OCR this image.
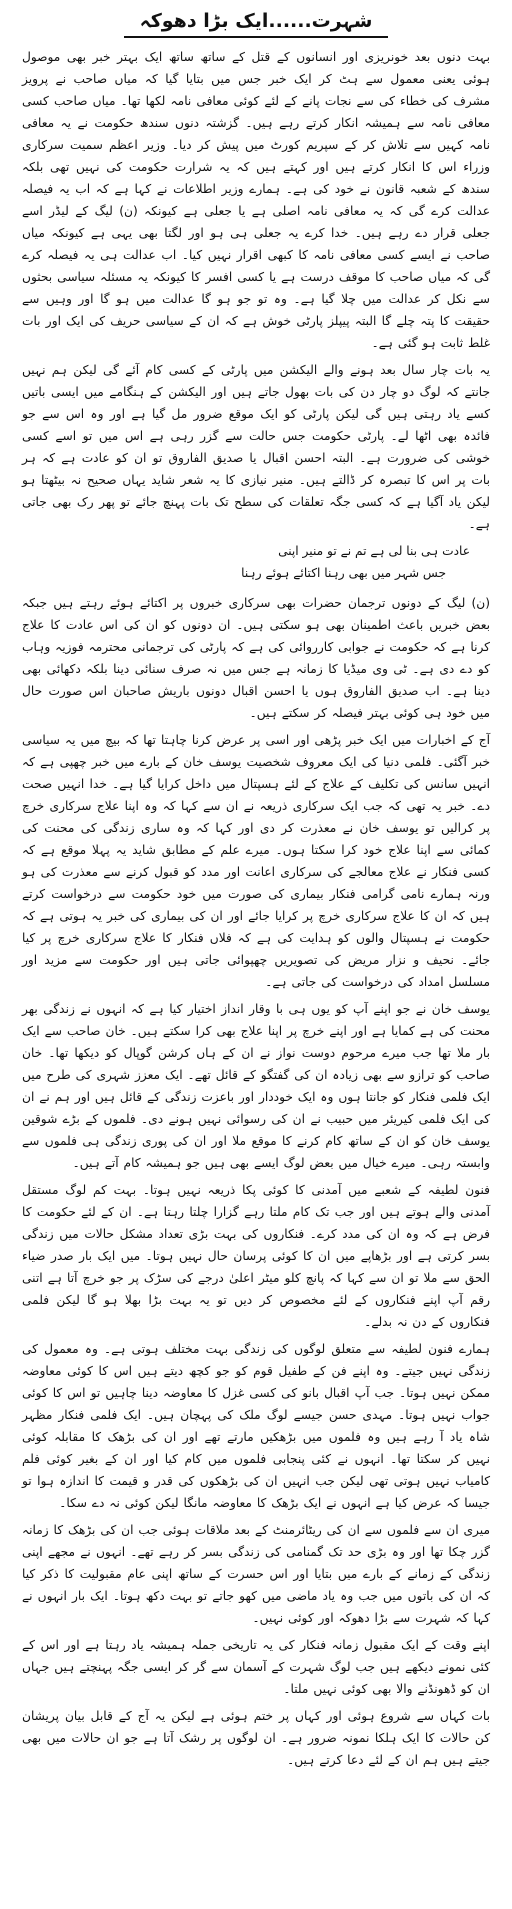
شہرت......ایک بڑا دھوکہ

بہت دنوں بعد خونریزی اور انسانوں کے قتل کے ساتھ ساتھ ایک بہتر خبر بھی موصول ہوئی یعنی معمول سے ہٹ کر ایک خبر جس میں بتایا گیا کہ میاں صاحب نے پرویز مشرف کی خطاء کی سے نجات پانے کے لئے کوئی معافی نامہ لکھا تھا۔ میاں صاحب کسی معافی نامہ سے ہمیشہ انکار کرتے رہے ہیں۔ گزشتہ دنوں سندھ حکومت نے یہ معافی نامہ کہیں سے تلاش کر کے سپریم کورٹ میں پیش کر دیا۔ وزیر اعظم سمیت سرکاری وزراء اس کا انکار کرتے ہیں اور کہتے ہیں کہ یہ شرارت حکومت کی نہیں تھی بلکہ سندھ کے شعبہ قانون نے خود کی ہے۔ ہمارے وزیر اطلاعات نے کہا ہے کہ اب یہ فیصلہ عدالت کرے گی کہ یہ معافی نامہ اصلی ہے یا جعلی ہے کیونکہ (ن) لیگ کے لیڈر اسے جعلی قرار دے رہے ہیں۔ خدا کرے یہ جعلی ہی ہو اور لگتا بھی یہی ہے کیونکہ میاں صاحب نے ایسے کسی معافی نامہ کا کبھی اقرار نہیں کیا۔ اب عدالت ہی یہ فیصلہ کرے گی کہ میاں صاحب کا موقف درست ہے یا کسی افسر کا کیونکہ یہ مسئلہ سیاسی بحثوں سے نکل کر عدالت میں چلا گیا ہے۔ وہ تو جو ہو گا عدالت میں ہو گا اور وہیں سے حقیقت کا پتہ چلے گا البتہ پیپلز پارٹی خوش ہے کہ ان کے سیاسی حریف کی ایک اور بات غلط ثابت ہو گئی ہے۔

یہ بات چار سال بعد ہونے والے الیکشن میں پارٹی کے کسی کام آئے گی لیکن ہم نہیں جانتے کہ لوگ دو چار دن کی بات بھول جاتے ہیں اور الیکشن کے ہنگامے میں ایسی باتیں کسے یاد رہتی ہیں گی لیکن پارٹی کو ایک موقع ضرور مل گیا ہے اور وہ اس سے جو فائدہ بھی اٹھا لے۔ پارٹی حکومت جس حالت سے گزر رہی ہے اس میں تو اسے کسی خوشی کی ضرورت ہے۔ البتہ احسن اقبال یا صدیق الفاروق تو ان کو عادت ہے کہ ہر بات پر اس کا تبصرہ کر ڈالتے ہیں۔ منیر نیازی کا یہ شعر شاید یہاں صحیح نہ بیٹھتا ہو لیکن یاد آگیا ہے کہ کسی جگہ تعلقات کی سطح تک بات پہنچ جائے تو پھر رک بھی جاتی ہے۔

عادت ہی بنا لی ہے تم نے تو منیر اپنی
جس شہر میں بھی رہنا اکتائے ہوئے رہنا

(ن) لیگ کے دونوں ترجمان حضرات بھی سرکاری خبروں پر اکتائے ہوئے رہتے ہیں جبکہ بعض خبریں باعث اطمینان بھی ہو سکتی ہیں۔ ان دونوں کو ان کی اس عادت کا علاج کرنا ہے کہ حکومت نے جوابی کارروائی کی ہے کہ پارٹی کی ترجمانی محترمہ فوزیہ وہاب کو دے دی ہے۔ ٹی وی میڈیا کا زمانہ ہے جس میں نہ صرف سنائی دینا بلکہ دکھائی بھی دینا ہے۔ اب صدیق الفاروق ہوں یا احسن اقبال دونوں باریش صاحبان اس صورت حال میں خود ہی کوئی بہتر فیصلہ کر سکتے ہیں۔

آج کے اخبارات میں ایک خبر پڑھی اور اسی پر عرض کرنا چاہتا تھا کہ بیچ میں یہ سیاسی خبر آگئی۔ فلمی دنیا کی ایک معروف شخصیت یوسف خان کے بارے میں خبر چھپی ہے کہ انہیں سانس کی تکلیف کے علاج کے لئے ہسپتال میں داخل کرایا گیا ہے۔ خدا انہیں صحت دے۔ خبر یہ تھی کہ جب ایک سرکاری ذریعہ نے ان سے کہا کہ وہ اپنا علاج سرکاری خرچ پر کرالیں تو یوسف خان نے معذرت کر دی اور کہا کہ وہ ساری زندگی کی محنت کی کمائی سے اپنا علاج خود کرا سکتا ہوں۔ میرے علم کے مطابق شاید یہ پہلا موقع ہے کہ کسی فنکار نے علاج معالجے کی سرکاری اعانت اور مدد کو قبول کرنے سے معذرت کی ہو ورنہ ہمارے نامی گرامی فنکار بیماری کی صورت میں خود حکومت سے درخواست کرتے ہیں کہ ان کا علاج سرکاری خرچ پر کرایا جائے اور ان کی بیماری کی خبر یہ ہوتی ہے کہ حکومت نے ہسپتال والوں کو ہدایت کی ہے کہ فلاں فنکار کا علاج سرکاری خرچ پر کیا جائے۔ نحیف و نزار مریض کی تصویریں چھپوائی جاتی ہیں اور حکومت سے مزید اور مسلسل امداد کی درخواست کی جاتی ہے۔

یوسف خان نے جو اپنے آپ کو یوں ہی با وقار انداز اختیار کیا ہے کہ انہوں نے زندگی بھر محنت کی ہے کمایا ہے اور اپنے خرچ پر اپنا علاج بھی کرا سکتے ہیں۔ خان صاحب سے ایک بار ملا تھا جب میرے مرحوم دوست نواز نے ان کے ہاں کرشن گوپال کو دیکھا تھا۔ خان صاحب کو ترازو سے بھی زیادہ ان کی گفتگو کے قائل تھے۔ ایک معزز شہری کی طرح میں ایک فلمی فنکار کو جانتا ہوں وہ ایک خوددار اور باعزت زندگی کے قائل ہیں اور ہم نے ان کی ایک فلمی کیریئر میں حبیب نے ان کی رسوائی نہیں ہونے دی۔ فلموں کے بڑے شوقین یوسف خان کو ان کے ساتھ کام کرنے کا موقع ملا اور ان کی پوری زندگی ہی فلموں سے وابستہ رہی۔ میرے خیال میں بعض لوگ ایسے بھی ہیں جو ہمیشہ کام آتے ہیں۔

فنون لطیفہ کے شعبے میں آمدنی کا کوئی پکا ذریعہ نہیں ہوتا۔ بہت کم لوگ مستقل آمدنی والے ہوتے ہیں اور جب تک کام ملتا رہے گزارا چلتا رہتا ہے۔ ان کے لئے حکومت کا فرض ہے کہ وہ ان کی مدد کرے۔ فنکاروں کی بہت بڑی تعداد مشکل حالات میں زندگی بسر کرتی ہے اور بڑھاپے میں ان کا کوئی پرسان حال نہیں ہوتا۔ میں ایک بار صدر ضیاء الحق سے ملا تو ان سے کہا کہ پانچ کلو میٹر اعلیٰ درجے کی سڑک پر جو خرچ آتا ہے اتنی رقم آپ اپنے فنکاروں کے لئے مخصوص کر دیں تو یہ بہت بڑا بھلا ہو گا لیکن فلمی فنکاروں کے دن نہ بدلے۔

ہمارے فنون لطیفہ سے متعلق لوگوں کی زندگی بہت مختلف ہوتی ہے۔ وہ معمول کی زندگی نہیں جیتے۔ وہ اپنے فن کے طفیل قوم کو جو کچھ دیتے ہیں اس کا کوئی معاوضہ ممکن نہیں ہوتا۔ جب آپ اقبال بانو کی کسی غزل کا معاوضہ دینا چاہیں تو اس کا کوئی جواب نہیں ہوتا۔ مہدی حسن جیسے لوگ ملک کی پہچان ہیں۔ ایک فلمی فنکار مظہر شاہ یاد آ رہے ہیں وہ فلموں میں بڑھکیں مارتے تھے اور ان کی بڑھک کا مقابلہ کوئی نہیں کر سکتا تھا۔ انہوں نے کئی پنجابی فلموں میں کام کیا اور ان کے بغیر کوئی فلم کامیاب نہیں ہوتی تھی لیکن جب انہیں ان کی بڑھکوں کی قدر و قیمت کا اندازہ ہوا تو جیسا کہ عرض کیا ہے انہوں نے ایک بڑھک کا معاوضہ مانگا لیکن کوئی نہ دے سکا۔

میری ان سے فلموں سے ان کی ریٹائرمنٹ کے بعد ملاقات ہوئی جب ان کی بڑھک کا زمانہ گزر چکا تھا اور وہ بڑی حد تک گمنامی کی زندگی بسر کر رہے تھے۔ انہوں نے مجھے اپنی زندگی کے زمانے کے بارے میں بتایا اور اس حسرت کے ساتھ اپنی عام مقبولیت کا ذکر کیا کہ ان کی باتوں میں جب وہ یاد ماضی میں کھو جاتے تو بہت دکھ ہوتا۔ ایک بار انہوں نے کہا کہ شہرت سے بڑا دھوکہ اور کوئی نہیں۔

اپنے وقت کے ایک مقبول زمانہ فنکار کی یہ تاریخی جملہ ہمیشہ یاد رہتا ہے اور اس کے کئی نمونے دیکھے ہیں جب لوگ شہرت کے آسمان سے گر کر ایسی جگہ پہنچتے ہیں جہاں ان کو ڈھونڈنے والا بھی کوئی نہیں ملتا۔

بات کہاں سے شروع ہوئی اور کہاں پر ختم ہوئی ہے لیکن یہ آج کے قابل بیان پریشان کن حالات کا ایک ہلکا نمونہ ضرور ہے۔ ان لوگوں پر رشک آتا ہے جو ان حالات میں بھی جیتے ہیں ہم ان کے لئے دعا کرتے ہیں۔
